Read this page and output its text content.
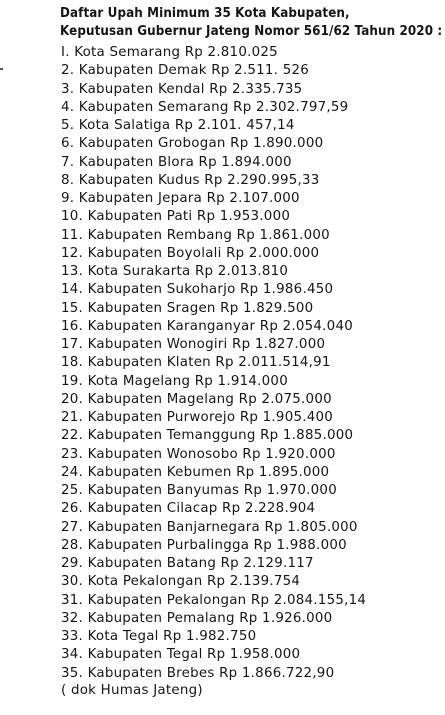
Daftar Upah Minimum 35 Kota Kabupaten,
Keputusan Gubernur Jateng Nomor 561/62 Tahun 2020 :
I. Kota Semarang Rp 2.810.025
2. Kabupaten Demak Rp 2.511. 526
3. Kabupaten Kendal Rp 2.335.735
4. Kabupaten Semarang Rp 2.302.797,59
5. Kota Salatiga Rp 2.101. 457,14
6. Kabupaten Grobogan Rp 1.890.000
7. Kabupaten Blora Rp 1.894.000
8. Kabupaten Kudus Rp 2.290.995,33
9. Kabupaten Jepara Rp 2.107.000
10. Kabupaten Pati Rp 1.953.000
11. Kabupaten Rembang Rp 1.861.000
12. Kabupaten Boyolali Rp 2.000.000
13. Kota Surakarta Rp 2.013.810
14. Kabupaten Sukoharjo Rp 1.986.450
15. Kabupaten Sragen Rp 1.829.500
16. Kabupaten Karanganyar Rp 2.054.040
17. Kabupaten Wonogiri Rp 1.827.000
18. Kabupaten Klaten Rp 2.011.514,91
19. Kota Magelang Rp 1.914.000
20. Kabupaten Magelang Rp 2.075.000
21. Kabupaten Purworejo Rp 1.905.400
22. Kabupaten Temanggung Rp 1.885.000
23. Kabupaten Wonosobo Rp 1.920.000
24. Kabupaten Kebumen Rp 1.895.000
25. Kabupaten Banyumas Rp 1.970.000
26. Kabupaten Cilacap Rp 2.228.904
27. Kabupaten Banjarnegara Rp 1.805.000
28. Kabupaten Purbalingga Rp 1.988.000
29. Kabupaten Batang Rp 2.129.117
30. Kota Pekalongan Rp 2.139.754
31. Kabupaten Pekalongan Rp 2.084.155,14
32. Kabupaten Pemalang Rp 1.926.000
33. Kota Tegal Rp 1.982.750
34. Kabupaten Tegal Rp 1.958.000
35. Kabupaten Brebes Rp 1.866.722,90
( dok Humas Jateng)
